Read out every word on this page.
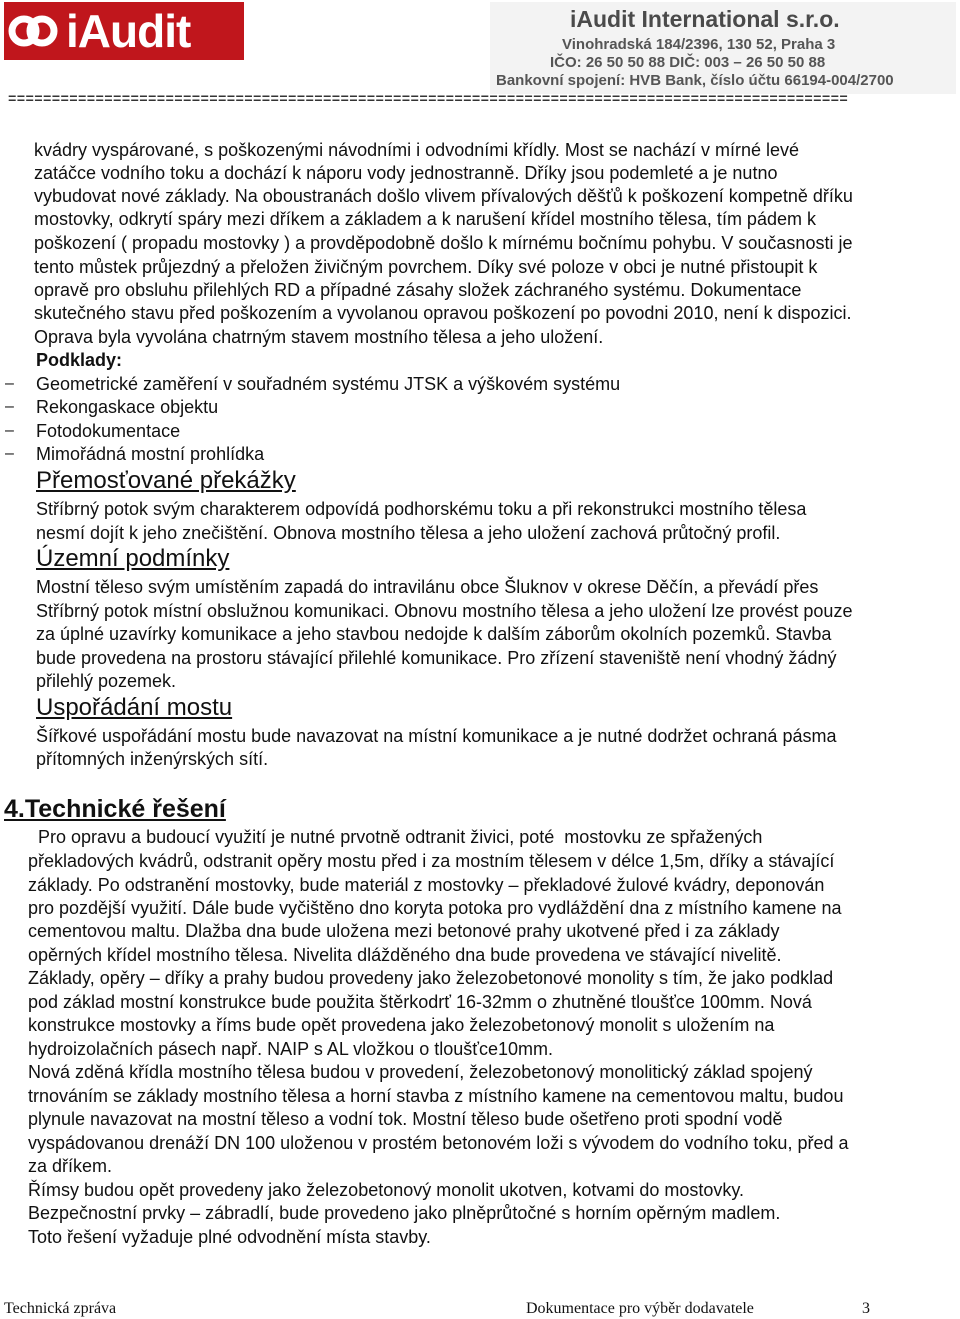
iAudit	iAudit International s.r.o.
Vinohradská 184/2396, 130 52, Praha 3
IČO: 26 50 50 88 DIČ: 003 – 26 50 50 88
Bankovní spojení: HVB Bank, číslo účtu 66194-004/2700
================================================================================================
kvádry vyspárované, s poškozenými návodními i odvodními křídly. Most se nachází v mírné levé
zatáčce vodního toku a dochází k náporu vody jednostranně. Dříky jsou podemleté a je nutno
vybudovat nové základy. Na oboustranách došlo vlivem přívalových děšťů k poškození kompetně dříku
mostovky, odkrytí spáry mezi dříkem a základem a k narušení křídel mostního tělesa, tím pádem k
poškození ( propadu mostovky ) a provděpodobně došlo k mírnému bočnímu pohybu. V současnosti je
tento můstek průjezdný a přeložen živičným povrchem. Díky své poloze v obci je nutné přistoupit k
opravě pro obsluhu přilehlých RD a případné zásahy složek záchraného systému. Dokumentace
skutečného stavu před poškozením a vyvolanou opravou poškození po povodni 2010, není k dispozici.
Oprava byla vyvolána chatrným stavem mostního tělesa a jeho uložení.
Podklady:
– Geometrické zaměření v souřadném systému JTSK a výškovém systému
– Rekongaskace objektu
– Fotodokumentace
– Mimořádná mostní prohlídka
Přemosťované překážky
Stříbrný potok svým charakterem odpovídá podhorskému toku a při rekonstrukci mostního tělesa
nesmí dojít k jeho znečištění. Obnova mostního tělesa a jeho uložení zachová průtočný profil.
Územní podmínky
Mostní těleso svým umístěním zapadá do intravilánu obce Šluknov v okrese Děčín, a převádí přes
Stříbrný potok místní obslužnou komunikaci. Obnovu mostního tělesa a jeho uložení lze provést pouze
za úplné uzavírky komunikace a jeho stavbou nedojde k dalším záborům okolních pozemků. Stavba
bude provedena na prostoru stávající přilehlé komunikace. Pro zřízení staveniště není vhodný žádný
přilehlý pozemek.
Uspořádání mostu
Šířkové uspořádání mostu bude navazovat na místní komunikace a je nutné dodržet ochraná pásma
přítomných inženýrských sítí.
4.Technické řešení
Pro opravu a budoucí využití je nutné prvotně odtranit živici, poté  mostovku ze spřažených
překladových kvádrů, odstranit opěry mostu před i za mostním tělesem v délce 1,5m, dříky a stávající
základy. Po odstranění mostovky, bude materiál z mostovky – překladové žulové kvádry, deponován
pro pozdější využití. Dále bude vyčištěno dno koryta potoka pro vydláždění dna z místního kamene na
cementovou maltu. Dlažba dna bude uložena mezi betonové prahy ukotvené před i za základy
opěrných křídel mostního tělesa. Nivelita dlážděného dna bude provedena ve stávající nivelitě.
Základy, opěry – dříky a prahy budou provedeny jako železobetonové monolity s tím, že jako podklad
pod základ mostní konstrukce bude použita štěrkodrť 16-32mm o zhutněné tloušťce 100mm. Nová
konstrukce mostovky a říms bude opět provedena jako železobetonový monolit s uložením na
hydroizolačních pásech např. NAIP s AL vložkou o tloušťce10mm.
Nová zděná křídla mostního tělesa budou v provedení, železobetonový monolitický základ spojený
trnováním se základy mostního tělesa a horní stavba z místního kamene na cementovou maltu, budou
plynule navazovat na mostní těleso a vodní tok. Mostní těleso bude ošetřeno proti spodní vodě
vyspádovanou drenáží DN 100 uloženou v prostém betonovém loži s vývodem do vodního toku, před a
za dříkem.
Římsy budou opět provedeny jako železobetonový monolit ukotven, kotvami do mostovky.
Bezpečnostní prvky – zábradlí, bude provedeno jako plněprůtočné s horním opěrným madlem.
Toto řešení vyžaduje plné odvodnění místa stavby.
Technická zpráva	Dokumentace pro výběr dodavatele	3
